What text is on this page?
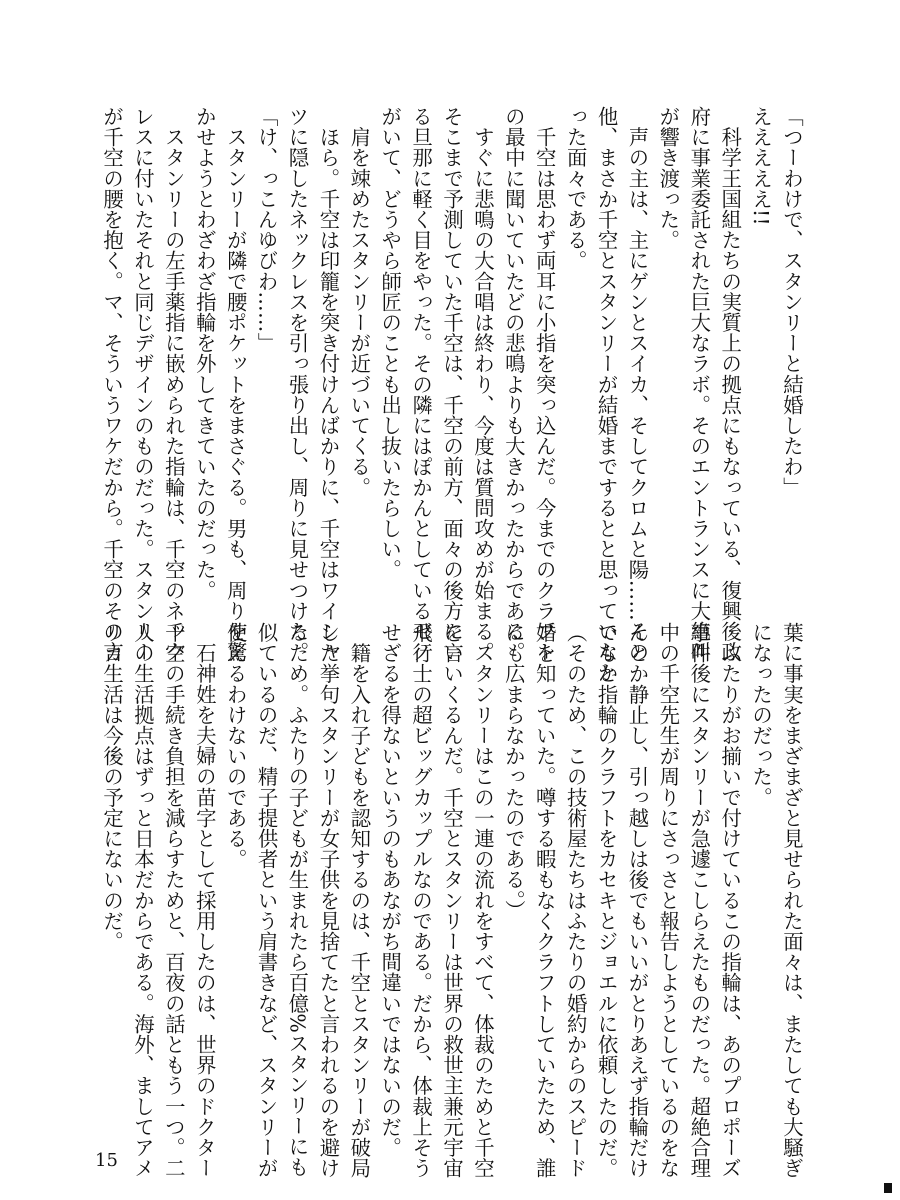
「つーわけで、スタンリーと結婚したわ」

えええええ!!

　科学王国組たちの実質上の拠点にもなっている、復興後政

府に事業委託された巨大なラボ。そのエントランスに大絶叫

が響き渡った。

　声の主は、主にゲンとスイカ、そしてクロムと陽……その

他、まさか千空とスタンリーが結婚までするとと思っていなか

った面々である。

　千空は思わず両耳に小指を突っ込んだ。今までのクラフト

の最中に聞いていたどの悲鳴よりも大きかったからである。

　すぐに悲鳴の大合唱は終わり、今度は質問攻めが始まる。

そこまで予測していた千空は、千空の前方、面々の後方にい

る旦那に軽く目をやった。その隣にはぽかんとしているゼノ

がいて、どうやら師匠のことも出し抜いたらしい。

　肩を竦めたスタンリーが近づいてくる。

　ほら。千空は印籠を突き付けんばかりに、千空はワイシャ

ツに隠したネックレスを引っ張り出し、周りに見せつけた。

「け、っこんゆびわ……」

　スタンリーが隣で腰ポケットをまさぐる。男も、周りを驚

かせようとわざわざ指輪を外してきていたのだった。

　スタンリーの左手薬指に嵌められた指輪は、千空のネック

レスに付いたそれと同じデザインのものだった。スタンリー

が千空の腰を抱く。マ、そういうワケだから。千空のその言

葉に事実をまざまざと見せられた面々は、またしても大騒ぎ

になったのだった。

　ふたりがお揃いで付けているこの指輪は、あのプロポーズ

事件後にスタンリーが急遽こしらえたものだった。超絶合理

中の千空先生が周りにさっさと報告しようとしているのをな

んとか静止し、引っ越しは後でもいいがとりあえず指輪だけ

でもと指輪のクラフトをカセキとジョエルに依頼したのだ。

（そのため、この技術屋たちはふたりの婚約からのスピード

婚を知っていた。噂する暇もなくクラフトしていたため、誰

にも広まらなかったのである。）

　スタンリーはこの一連の流れをすべて、体裁のためと千空

を言いくるんだ。千空とスタンリーは世界の救世主兼元宇宙

飛行士の超ビッグカップルなのである。だから、体裁上そう

せざるを得ないというのもあながち間違いではないのだ。

　籍を入れ子どもを認知するのは、千空とスタンリーが破局

した挙句スタンリーが女子供を見捨てたと言われるのを避け

るため。ふたりの子どもが生まれたら百億%スタンリーにも

似ているのだ、精子提供者という肩書きなど、スタンリーが

使えるわけないのである。

　石神姓を夫婦の苗字として採用したのは、世界のドクター

千空の手続き負担を減らすためと、百夜の話ともう一つ。二

人の生活拠点はずっと日本だからである。海外、ましてアメ

リカ生活は今後の予定にないのだ。

15
